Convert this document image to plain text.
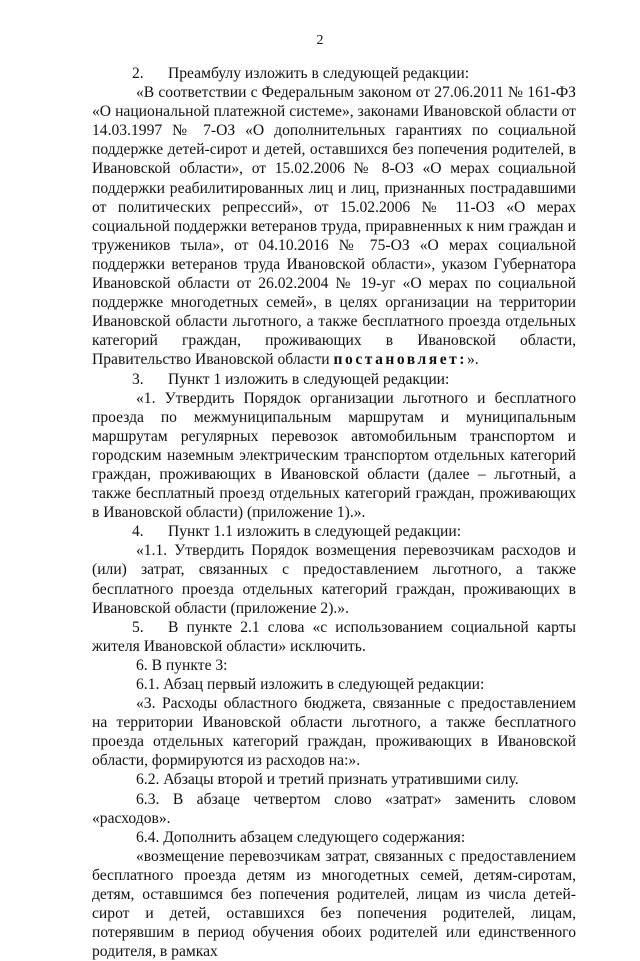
2

2. Преамбулу изложить в следующей редакции:

«В соответствии с Федеральным законом от 27.06.2011 № 161-ФЗ «О национальной платежной системе», законами Ивановской области от 14.03.1997 № 7-ОЗ «О дополнительных гарантиях по социальной поддержке детей-сирот и детей, оставшихся без попечения родителей, в Ивановской области», от 15.02.2006 № 8-ОЗ «О мерах социальной поддержки реабилитированных лиц и лиц, признанных пострадавшими от политических репрессий», от 15.02.2006 № 11-ОЗ «О мерах социальной поддержки ветеранов труда, приравненных к ним граждан и тружеников тыла», от 04.10.2016 № 75-ОЗ «О мерах социальной поддержки ветеранов труда Ивановской области», указом Губернатора Ивановской области от 26.02.2004 № 19-уг «О мерах по социальной поддержке многодетных семей», в целях организации на территории Ивановской области льготного, а также бесплатного проезда отдельных категорий граждан, проживающих в Ивановской области, Правительство Ивановской области постановляет:».

3. Пункт 1 изложить в следующей редакции:

«1. Утвердить Порядок организации льготного и бесплатного проезда по межмуниципальным маршрутам и муниципальным маршрутам регулярных перевозок автомобильным транспортом и городским наземным электрическим транспортом отдельных категорий граждан, проживающих в Ивановской области (далее – льготный, а также бесплатный проезд отдельных категорий граждан, проживающих в Ивановской области) (приложение 1).».

4. Пункт 1.1 изложить в следующей редакции:

«1.1. Утвердить Порядок возмещения перевозчикам расходов и (или) затрат, связанных с предоставлением льготного, а также бесплатного проезда отдельных категорий граждан, проживающих в Ивановской области (приложение 2).».

5. В пункте 2.1 слова «с использованием социальной карты жителя Ивановской области» исключить.

6. В пункте 3:

6.1. Абзац первый изложить в следующей редакции:

«3. Расходы областного бюджета, связанные с предоставлением на территории Ивановской области льготного, а также бесплатного проезда отдельных категорий граждан, проживающих в Ивановской области, формируются из расходов на:».

6.2. Абзацы второй и третий признать утратившими силу.

6.3. В абзаце четвертом слово «затрат» заменить словом «расходов».

6.4. Дополнить абзацем следующего содержания:

«возмещение перевозчикам затрат, связанных с предоставлением бесплатного проезда детям из многодетных семей, детям-сиротам, детям, оставшимся без попечения родителей, лицам из числа детей-сирот и детей, оставшихся без попечения родителей, лицам, потерявшим в период обучения обоих родителей или единственного родителя, в рамках
